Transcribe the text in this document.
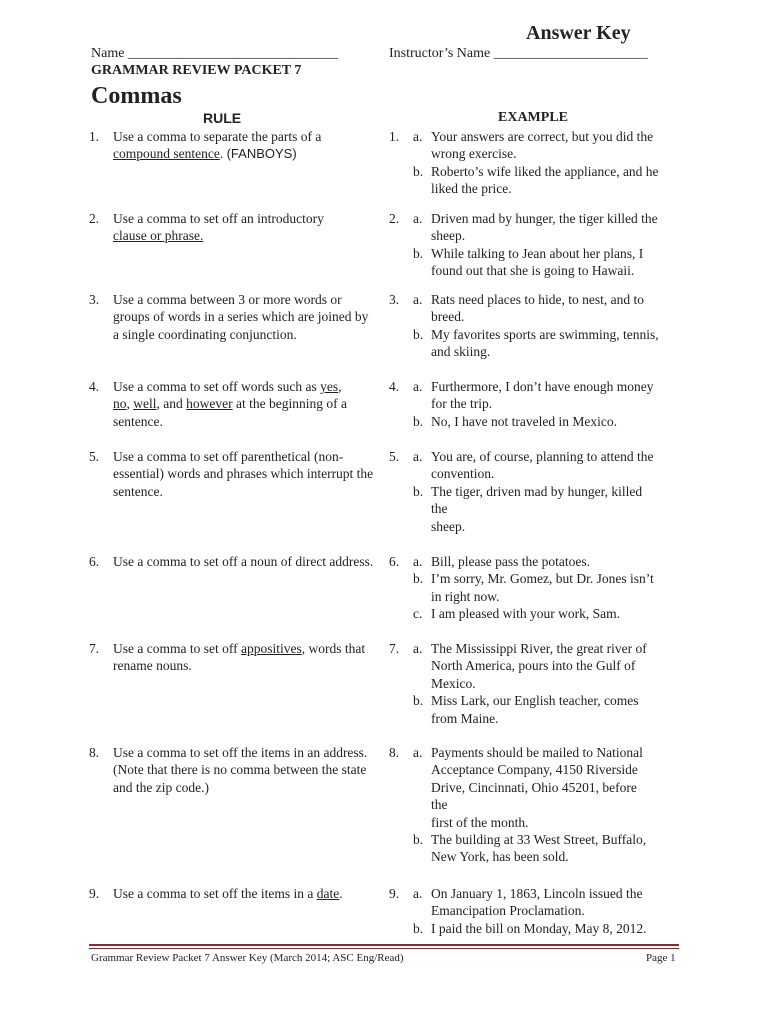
Answer Key
Name ______________________________	Instructor’s Name ______________________
GRAMMAR REVIEW PACKET 7
Commas
RULE	EXAMPLE
1. Use a comma to separate the parts of a
compound sentence. (FANBOYS)
1. a. Your answers are correct, but you did the
wrong exercise.
b. Roberto’s wife liked the appliance, and he
liked the price.
2. Use a comma to set off an introductory
clause or phrase.
2. a. Driven mad by hunger, the tiger killed the
sheep.
b. While talking to Jean about her plans, I
found out that she is going to Hawaii.
3. Use a comma between 3 or more words or groups of words in a series which are joined by a single coordinating conjunction.
3. a. Rats need places to hide, to nest, and to
breed.
b. My favorites sports are swimming, tennis,
and skiing.
4. Use a comma to set off words such as yes,
no, well, and however at the beginning of a sentence.
4. a. Furthermore, I don’t have enough money
for the trip.
b. No, I have not traveled in Mexico.
5. Use a comma to set off parenthetical (non-essential) words and phrases which interrupt the sentence.
5. a. You are, of course, planning to attend the
convention.
b. The tiger, driven mad by hunger, killed
the
sheep.
6. Use a comma to set off a noun of direct address. 6. a. Bill, please pass the potatoes.
b. I’m sorry, Mr. Gomez, but Dr. Jones isn’t
in right now.
c. I am pleased with your work, Sam.
7. Use a comma to set off appositives, words that rename nouns.
7. a. The Mississippi River, the great river of
North America, pours into the Gulf of
Mexico.
b. Miss Lark, our English teacher, comes
from Maine.
8. Use a comma to set off the items in an address. (Note that there is no comma between the state and the zip code.)
8. a. Payments should be mailed to National
Acceptance Company, 4150 Riverside
Drive, Cincinnati, Ohio 45201, before
the
first of the month.
b. The building at 33 West Street, Buffalo,
New York, has been sold.
9. Use a comma to set off the items in a date.	9. a. On January 1, 1863, Lincoln issued the
Emancipation Proclamation.
b. I paid the bill on Monday, May 8, 2012.
Grammar Review Packet 7 Answer Key (March 2014; ASC Eng/Read)	Page 1
